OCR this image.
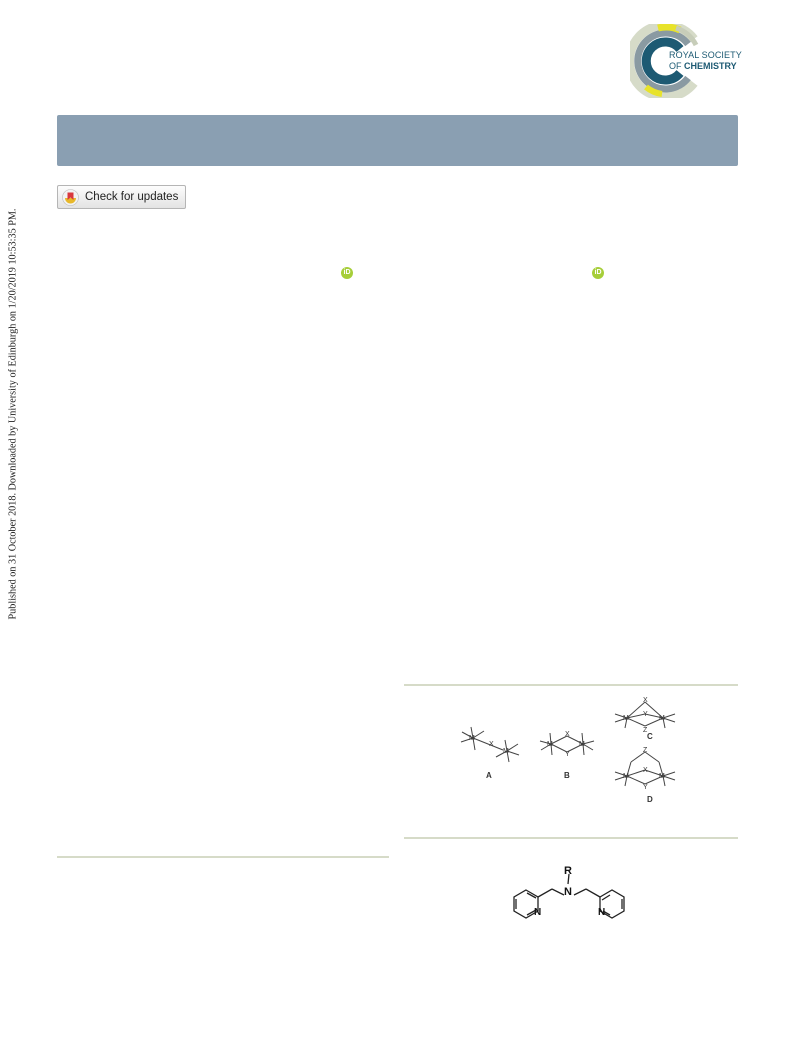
Published on 31 October 2018. Downloaded by University of Edinburgh on 1/20/2019 10:53:35 PM.
ROYAL SOCIETY
OF CHEMISTRY
Check for updates
iD	iD
M
X
M
A
M
X
Y
M
B
M
X
Y
Z
M
C
M
Z
X
Y
M
D
R
N
N	N
